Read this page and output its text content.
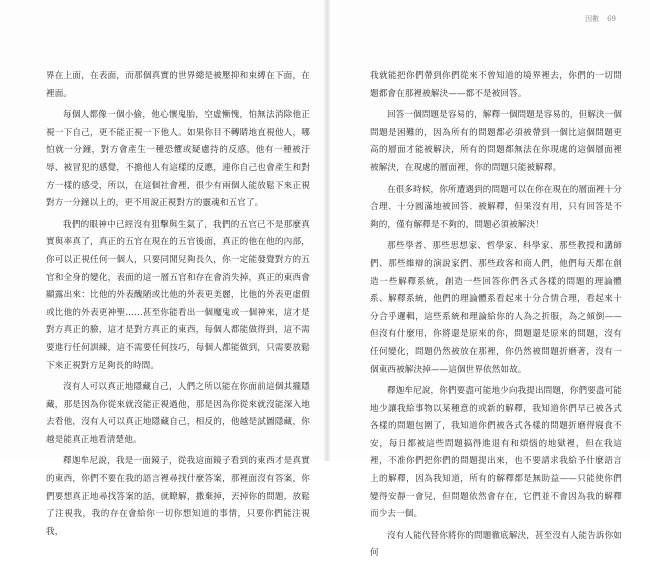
界在上面，在表面，而那個真實的世界總是被壓抑和束縛在下面，在裡面。

每個人都像一個小偷，他心懷鬼胎，空虛慚愧，怕無法消除他正視一下自己，更不能正視一下他人。如果你目不轉睛地直視他人，哪怕就一分鐘，對方會產生一種恐懼或疑慮持的反感，他有一種被汙辱、被冒犯的感覺，不擔他人有這樣的反應，連你自己也會產生和對方一樣的感受，所以，在這個社會裡，很少有兩個人能放鬆下來正視對方一分鐘以上的，更不用說正視對方的靈魂和五官了。

我們的眼神中已經沒有狙擊與生氣了，我們的五官已不是那麼真實與率真了，真正的五官在現在的五官後面，真正的他在他的內部，你可以正視任何一個人，只要同閒兒夠長久，你一定能發覺對方的五官和全身的變化，表面的這一層五官和存在會消失掉，真正的東西會顯露出來：比他的外表醜陋或比他的外表更美麗，比他的外表更虛假或比他的外表更神聖……甚至你能看出一個魔鬼或一個神來，這才是對方真正的臉，這才是對方真正的東西，每個人都能做得到，這不需要進行任何訓練，這不需要任何技巧，每個人都能做到，只需要放鬆下來正視對方足夠長的時間。

沒有人可以真正地隱藏自己，人們之所以能在你面前這個其攏隱藏，那是因為你從來就沒能正視過他，那是因為你從來就沒能深入地去看他，沒有人可以真正地隱藏自己，相反的，他越是試圖隱藏，你越是能真正地看清楚他。

釋迦牟尼說，我是一面鏡子，從我這面鏡子看到的東西才是真實的東西，你們不要在我的語言裡尋找什麼答案，那裡面沒有答案，你們要想真正地尋找答案的話，就瞭解，撒棄掉，丟掉你的問題，放鬆了注視我，我的存在會給你一切你想知道的事情，只要你們能注視我，

因數 69

我就能把你們帶到你們從來不曾知道的境界裡去，你們的一切問題都會在那裡被解決——都不是被回答。

回答一個問題是容易的，解釋一個問題是容易的，但解決一個問題是困難的，因為所有的問題都必須被帶到一個比這個問題更高的層面才能被解決，所有的問題都無法在你現處的這個層面裡被解決，在現處的層面裡，你的問題只能被解釋。

在很多時候，你所遭遇到的問題可以在你在現在的層面裡十分合理、十分圓滿地被回答、被解釋，但果沒有用，只有回答是不夠的，僅有解釋是不夠的，問題必須被解決！

那些學者、那些思想家、哲學家、科學家、那些教授和講師們、那些維辯的演說家們、那些政客和商人們，他們每天都在創造一些解釋系統，創造一些回答你們各式各樣的問題的理論體系、解釋系統，他們的理論體系看起來十分合情合理，看起來十分合乎邏輯，這些系統和理論給你的人為之折服，為之傾倒——但沒有什麼用，你將還是原來的你，問題還是原來的問題，沒有任何變化，問題仍然被放在那裡，你仍然被問題折磨著，沒有一個東西被解決掉——這個世界依然如故。

釋迦牟尼說，你們要盡可能地少向我提出問題，你們要盡可能地少讓我給事物以某種意的或新的解釋，我知道你們早已被各式各樣的問題包圍了，我知道你們被各式各樣的問題折磨得寢食不安，每日都被這些問題搞得進退有和煩惱的地獄裡，但在我這裡，不准你們把你們的問題提出來，也不要請求我給予什麼語言上的解釋，因為我知道，所有的解釋都是無助益——只能使你們變得安靜一會兒，但問題依然會存在，它們並不會因為我的解釋而少去一個。

沒有人能代替你將你的問題徹底解決，甚至沒有人能告訴你如何
